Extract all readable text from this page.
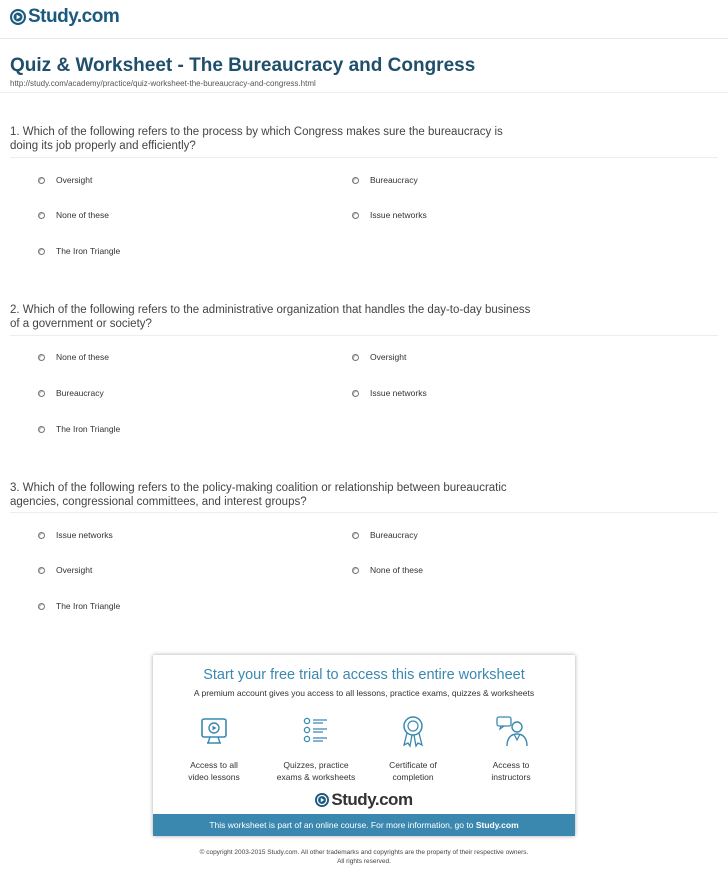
Study.com
Quiz & Worksheet - The Bureaucracy and Congress
http://study.com/academy/practice/quiz-worksheet-the-bureaucracy-and-congress.html
1. Which of the following refers to the process by which Congress makes sure the bureaucracy is
doing its job properly and efficiently?
Oversight	Bureaucracy
None of these	Issue networks
The Iron Triangle
2. Which of the following refers to the administrative organization that handles the day-to-day business
of a government or society?
None of these	Oversight
Bureaucracy	Issue networks
The Iron Triangle
3. Which of the following refers to the policy-making coalition or relationship between bureaucratic
agencies, congressional committees, and interest groups?
Issue networks	Bureaucracy
Oversight	None of these
The Iron Triangle
Start your free trial to access this entire worksheet
A premium account gives you access to all lessons, practice exams, quizzes & worksheets
Access to all
video lessons
Quizzes, practice
exams & worksheets
Certificate of
completion
Access to
instructors
Study.com
This worksheet is part of an online course. For more information, go to Study.com
© copyright 2003-2015 Study.com. All other trademarks and copyrights are the property of their respective owners.
All rights reserved.
